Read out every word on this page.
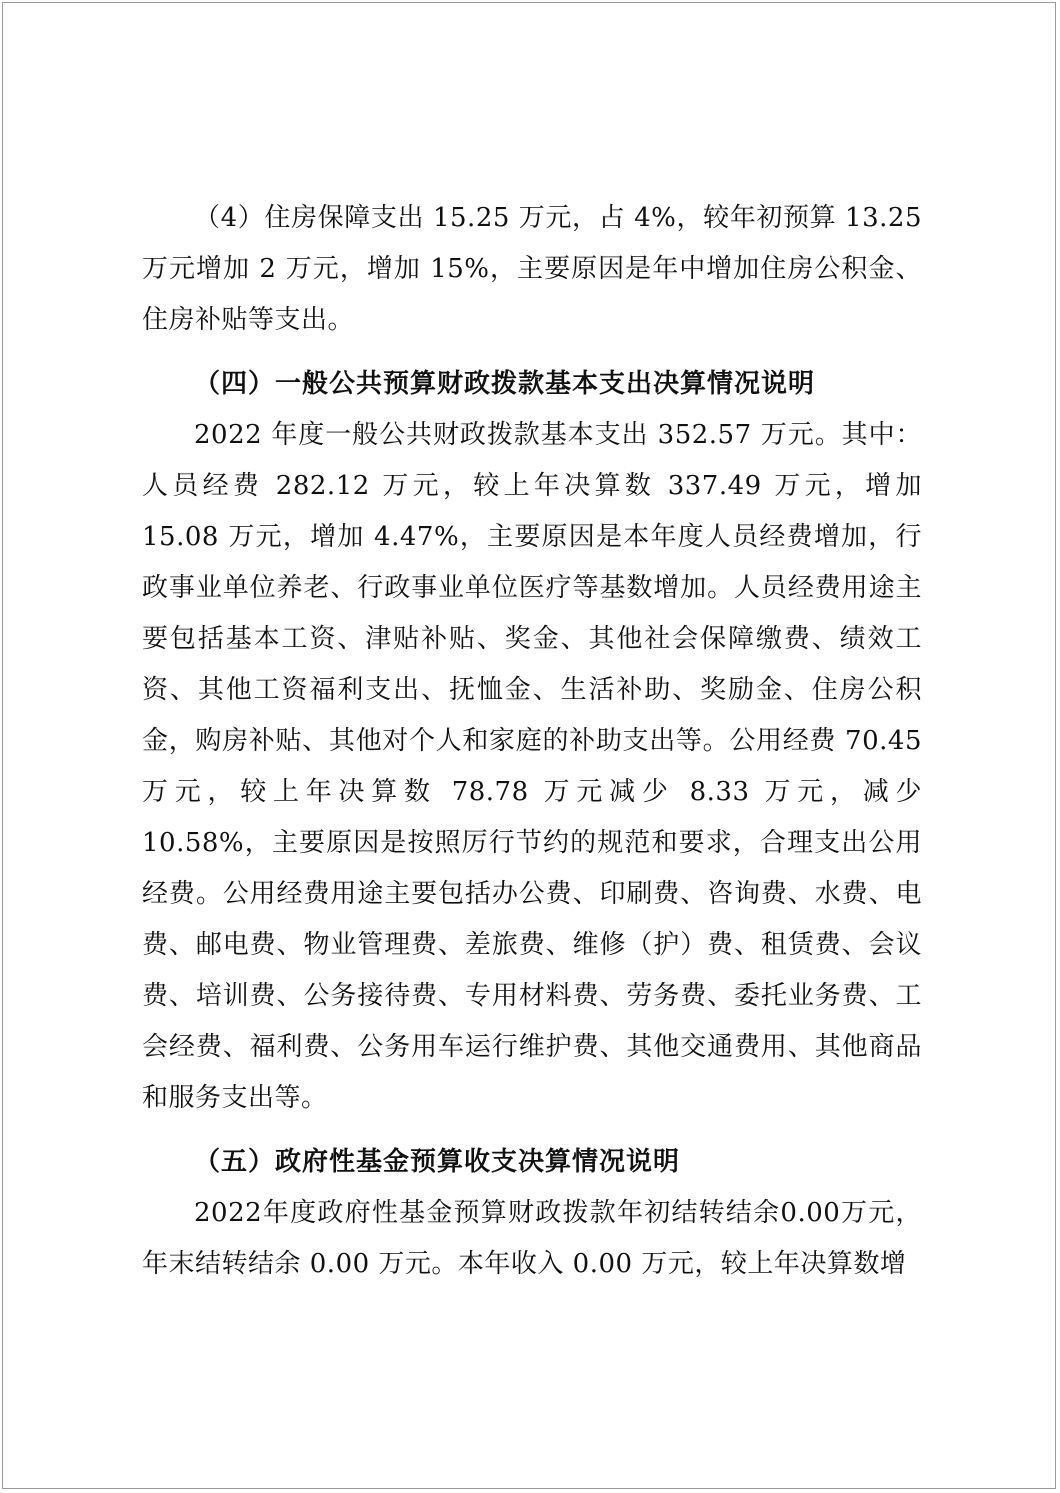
（4）住房保障支出 15.25 万元，占 4%，较年初预算 13.25 万元增加 2 万元，增加 15%，主要原因是年中增加住房公积金、住房补贴等支出。

（四）一般公共预算财政拨款基本支出决算情况说明

2022 年度一般公共财政拨款基本支出 352.57 万元。其中：人员经费 282.12 万元，较上年决算数 337.49 万元，增加 15.08 万元，增加 4.47%，主要原因是本年度人员经费增加，行政事业单位养老、行政事业单位医疗等基数增加。人员经费用途主要包括基本工资、津贴补贴、奖金、其他社会保障缴费、绩效工资、其他工资福利支出、抚恤金、生活补助、奖励金、住房公积金，购房补贴、其他对个人和家庭的补助支出等。公用经费 70.45 万元，较上年决算数 78.78 万元减少 8.33 万元，减少 10.58%，主要原因是按照厉行节约的规范和要求，合理支出公用经费。公用经费用途主要包括办公费、印刷费、咨询费、水费、电费、邮电费、物业管理费、差旅费、维修（护）费、租赁费、会议费、培训费、公务接待费、专用材料费、劳务费、委托业务费、工会经费、福利费、公务用车运行维护费、其他交通费用、其他商品和服务支出等。

（五）政府性基金预算收支决算情况说明

2022年度政府性基金预算财政拨款年初结转结余0.00万元，年末结转结余 0.00 万元。本年收入 0.00 万元，较上年决算数增
